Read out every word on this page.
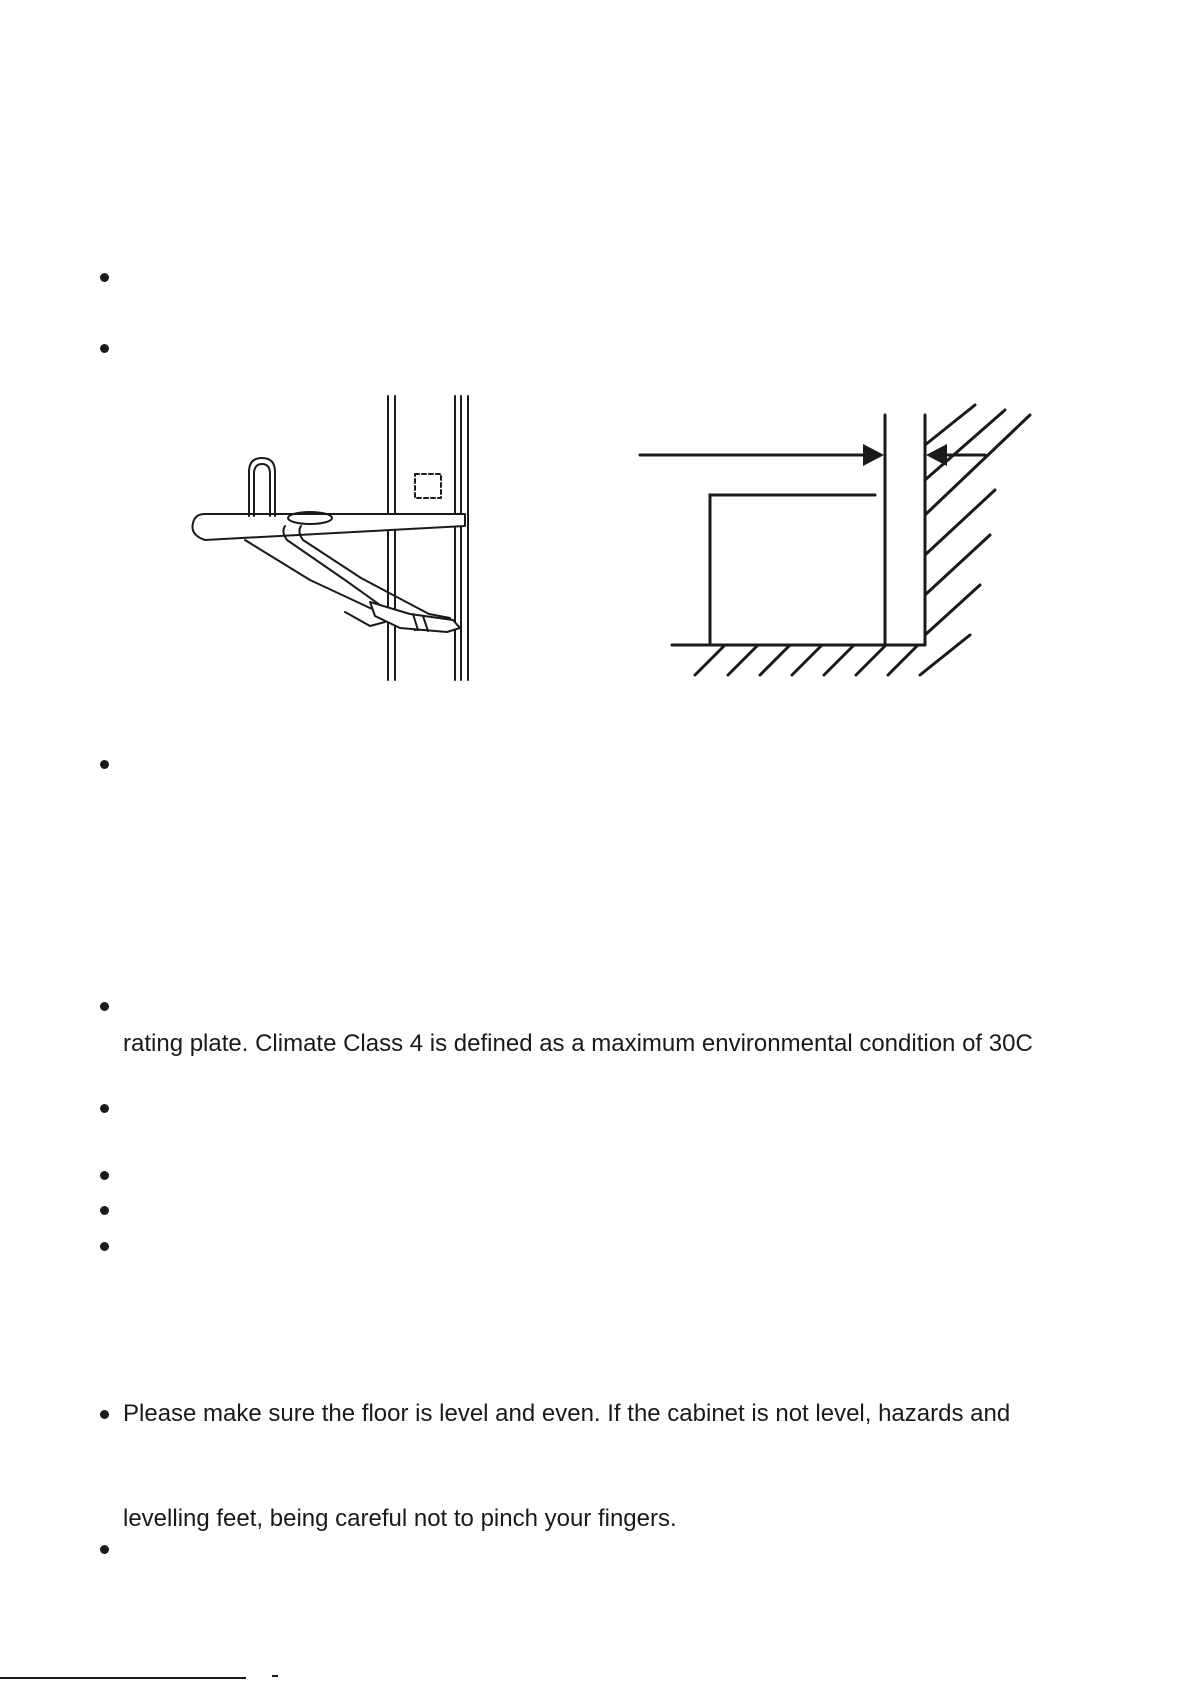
rating plate. Climate Class 4 is defined as a maximum environmental condition of 30C
Please make sure the floor is level and even. If the cabinet is not level, hazards and
levelling feet, being careful not to pinch your fingers.
